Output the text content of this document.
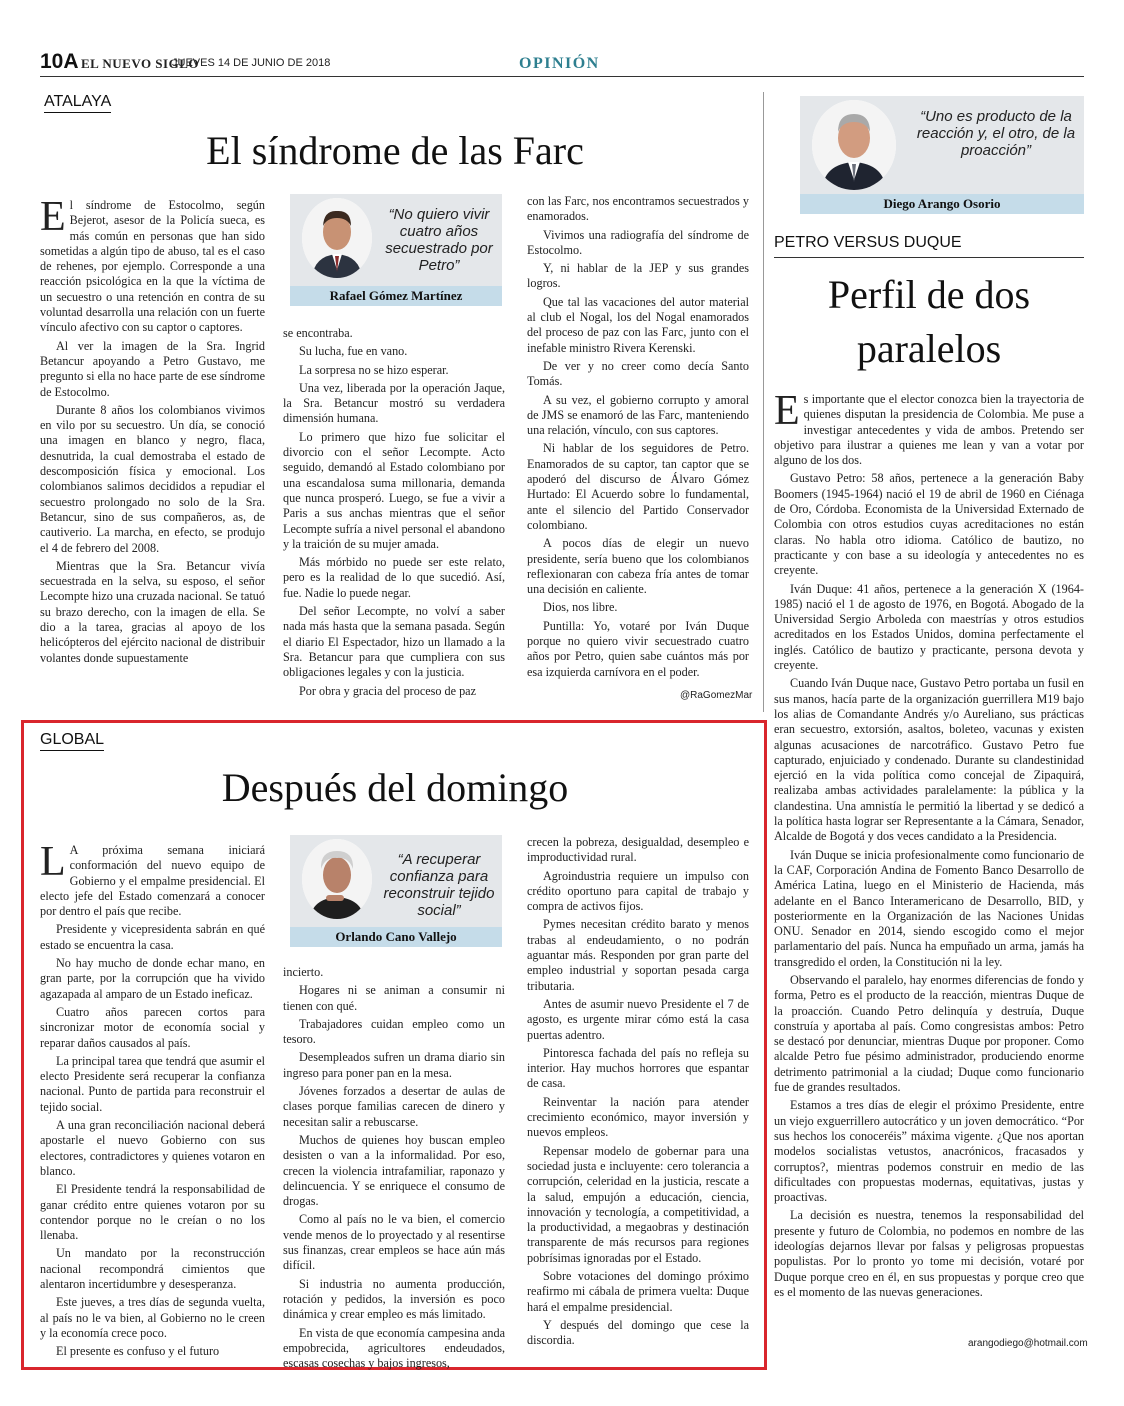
10A EL NUEVO SIGLO
JUEVES 14 DE JUNIO DE 2018	OPINIÓN
ATALAYA
El síndrome de las Farc
“No quiero vivir cuatro años secuestrado por Petro”
Rafael Gómez Martínez
E l síndrome de Estocolmo, según Bejerot, asesor de la Policía sueca, es más común en personas que han sido sometidas a algún tipo de abuso, tal es el caso de rehenes, por ejemplo. Corresponde a una reacción psicológica en la que la víctima de un secuestro o una retención en contra de su voluntad desarrolla una relación con un fuerte vínculo afectivo con su captor o captores.

Al ver la imagen de la Sra. Ingrid Betancur apoyando a Petro Gustavo, me pregunto si ella no hace parte de ese síndrome de Estocolmo.

Durante 8 años los colombianos vivimos en vilo por su secuestro. Un día, se conoció una imagen en blanco y negro, flaca, desnutrida, la cual demostraba el estado de descomposición física y emocional. Los colombianos salimos decididos a repudiar el secuestro prolongado no solo de la Sra. Betancur, sino de sus compañeros, as, de cautiverio. La marcha, en efecto, se produjo el 4 de febrero del 2008.

Mientras que la Sra. Betancur vivía secuestrada en la selva, su esposo, el señor Lecompte hizo una cruzada nacional. Se tatuó su brazo derecho, con la imagen de ella. Se dio a la tarea, gracias al apoyo de los helicópteros del ejército nacional de distribuir volantes donde supuestamente

se encontraba.

Su lucha, fue en vano.

La sorpresa no se hizo esperar.

Una vez, liberada por la operación Jaque, la Sra. Betancur mostró su verdadera dimensión humana.

Lo primero que hizo fue solicitar el divorcio con el señor Lecompte. Acto seguido, demandó al Estado colombiano por una escandalosa suma millonaria, demanda que nunca prosperó. Luego, se fue a vivir a Paris a sus anchas mientras que el señor Lecompte sufría a nivel personal el abandono y la traición de su mujer amada.

Más mórbido no puede ser este relato, pero es la realidad de lo que sucedió. Así, fue. Nadie lo puede negar.

Del señor Lecompte, no volví a saber nada más hasta que la semana pasada. Según el diario El Espectador, hizo un llamado a la Sra. Betancur para que cumpliera con sus obligaciones legales y con la justicia.

Por obra y gracia del proceso de paz

con las Farc, nos encontramos secuestrados y enamorados.

Vivimos una radiografía del síndrome de Estocolmo.

Y, ni hablar de la JEP y sus grandes logros.

Que tal las vacaciones del autor material al club el Nogal, los del Nogal enamorados del proceso de paz con las Farc, junto con el inefable ministro Rivera Kerenski.

De ver y no creer como decía Santo Tomás.

A su vez, el gobierno corrupto y amoral de JMS se enamoró de las Farc, manteniendo una relación, vínculo, con sus captores.

Ni hablar de los seguidores de Petro. Enamorados de su captor, tan captor que se apoderó del discurso de Álvaro Gómez Hurtado: El Acuerdo sobre lo fundamental, ante el silencio del Partido Conservador colombiano.

A pocos días de elegir un nuevo presidente, sería bueno que los colombianos reflexionaran con cabeza fría antes de tomar una decisión en caliente.

Dios, nos libre.

Puntilla: Yo, votaré por Iván Duque porque no quiero vivir secuestrado cuatro años por Petro, quien sabe cuántos más por esa izquierda carnívora en el poder.

@RaGomezMar
GLOBAL
Después del domingo
“A recuperar confianza para reconstruir tejido social”
Orlando Cano Vallejo
L A próxima semana iniciará conformación del nuevo equipo de Gobierno y el empalme presidencial. El electo jefe del Estado comenzará a conocer por dentro el país que recibe.

Presidente y vicepresidenta sabrán en qué estado se encuentra la casa.

No hay mucho de donde echar mano, en gran parte, por la corrupción que ha vivido agazapada al amparo de un Estado ineficaz.

Cuatro años parecen cortos para sincronizar motor de economía social y reparar daños causados al país.

La principal tarea que tendrá que asumir el electo Presidente será recuperar la confianza nacional. Punto de partida para reconstruir el tejido social.

A una gran reconciliación nacional deberá apostarle el nuevo Gobierno con sus electores, contradictores y quienes votaron en blanco.

El Presidente tendrá la responsabilidad de ganar crédito entre quienes votaron por su contendor porque no le creían o no los llenaba.

Un mandato por la reconstrucción nacional recompondrá cimientos que alentaron incertidumbre y desesperanza.

Este jueves, a tres días de segunda vuelta, al país no le va bien, al Gobierno no le creen y la economía crece poco.

El presente es confuso y el futuro

incierto.

Hogares ni se animan a consumir ni tienen con qué.

Trabajadores cuidan empleo como un tesoro.

Desempleados sufren un drama diario sin ingreso para poner pan en la mesa.

Jóvenes forzados a desertar de aulas de clases porque familias carecen de dinero y necesitan salir a rebuscarse.

Muchos de quienes hoy buscan empleo desisten o van a la informalidad. Por eso, crecen la violencia intrafamiliar, raponazo y delincuencia. Y se enriquece el consumo de drogas.

Como al país no le va bien, el comercio vende menos de lo proyectado y al resentirse sus finanzas, crear empleos se hace aún más difícil.

Si industria no aumenta producción, rotación y pedidos, la inversión es poco dinámica y crear empleo es más limitado.

En vista de que economía campesina anda empobrecida, agricultores endeudados, escasas cosechas y bajos ingresos,

crecen la pobreza, desigualdad, desempleo e improductividad rural.

Agroindustria requiere un impulso con crédito oportuno para capital de trabajo y compra de activos fijos.

Pymes necesitan crédito barato y menos trabas al endeudamiento, o no podrán aguantar más. Responden por gran parte del empleo industrial y soportan pesada carga tributaria.

Antes de asumir nuevo Presidente el 7 de agosto, es urgente mirar cómo está la casa puertas adentro.

Pintoresca fachada del país no refleja su interior. Hay muchos horrores que espantar de casa.

Reinventar la nación para atender crecimiento económico, mayor inversión y nuevos empleos.

Repensar modelo de gobernar para una sociedad justa e incluyente: cero tolerancia a corrupción, celeridad en la justicia, rescate a la salud, empujón a educación, ciencia, innovación y tecnología, a competitividad, a la productividad, a megaobras y destinación transparente de más recursos para regiones pobrísimas ignoradas por el Estado.

Sobre votaciones del domingo próximo reafirmo mi cábala de primera vuelta: Duque hará el empalme presidencial.

Y después del domingo que cese la discordia.

“Uno es producto de la reacción y, el otro, de la proacción”
Diego Arango Osorio
PETRO VERSUS DUQUE
Perfil de dos
paralelos
E s importante que el elector conozca bien la trayectoria de quienes disputan la presidencia de Colombia. Me puse a investigar antecedentes y vida de ambos. Pretendo ser objetivo para ilustrar a quienes me lean y van a votar por alguno de los dos.

Gustavo Petro: 58 años, pertenece a la generación Baby Boomers (1945-1964) nació el 19 de abril de 1960 en Ciénaga de Oro, Córdoba. Economista de la Universidad Externado de Colombia con otros estudios cuyas acreditaciones no están claras. No habla otro idioma. Católico de bautizo, no practicante y con base a su ideología y antecedentes no es creyente.

Iván Duque: 41 años, pertenece a la generación X (1964-1985) nació el 1 de agosto de 1976, en Bogotá. Abogado de la Universidad Sergio Arboleda con maestrías y otros estudios acreditados en los Estados Unidos, domina perfectamente el inglés. Católico de bautizo y practicante, persona devota y creyente.

Cuando Iván Duque nace, Gustavo Petro portaba un fusil en sus manos, hacía parte de la organización guerrillera M19 bajo los alias de Comandante Andrés y/o Aureliano, sus prácticas eran secuestro, extorsión, asaltos, boleteo, vacunas y existen algunas acusaciones de narcotráfico. Gustavo Petro fue capturado, enjuiciado y condenado. Durante su clandestinidad ejerció en la vida política como concejal de Zipaquirá, realizaba ambas actividades paralelamente: la pública y la clandestina. Una amnistía le permitió la libertad y se dedicó a la política hasta lograr ser Representante a la Cámara, Senador, Alcalde de Bogotá y dos veces candidato a la Presidencia.

Iván Duque se inicia profesionalmente como funcionario de la CAF, Corporación Andina de Fomento Banco Desarrollo de América Latina, luego en el Ministerio de Hacienda, más adelante en el Banco Interamericano de Desarrollo, BID, y posteriormente en la Organización de las Naciones Unidas ONU. Senador en 2014, siendo escogido como el mejor parlamentario del país. Nunca ha empuñado un arma, jamás ha transgredido el orden, la Constitución ni la ley.

Observando el paralelo, hay enormes diferencias de fondo y forma, Petro es el producto de la reacción, mientras Duque de la proacción. Cuando Petro delinquía y destruía, Duque construía y aportaba al país. Como congresistas ambos: Petro se destacó por denunciar, mientras Duque por proponer. Como alcalde Petro fue pésimo administrador, produciendo enorme detrimento patrimonial a la ciudad; Duque como funcionario fue de grandes resultados.

Estamos a tres días de elegir el próximo Presidente, entre un viejo exguerrillero autocrático y un joven democrático. “Por sus hechos los conoceréis” máxima vigente. ¿Que nos aportan modelos socialistas vetustos, anacrónicos, fracasados y corruptos?, mientras podemos construir en medio de las dificultades con propuestas modernas, equitativas, justas y proactivas.

La decisión es nuestra, tenemos la responsabilidad del presente y futuro de Colombia, no podemos en nombre de las ideologías dejarnos llevar por falsas y peligrosas propuestas populistas. Por lo pronto yo tome mi decisión, votaré por Duque porque creo en él, en sus propuestas y porque creo que es el momento de las nuevas generaciones.

arangodiego@hotmail.com
